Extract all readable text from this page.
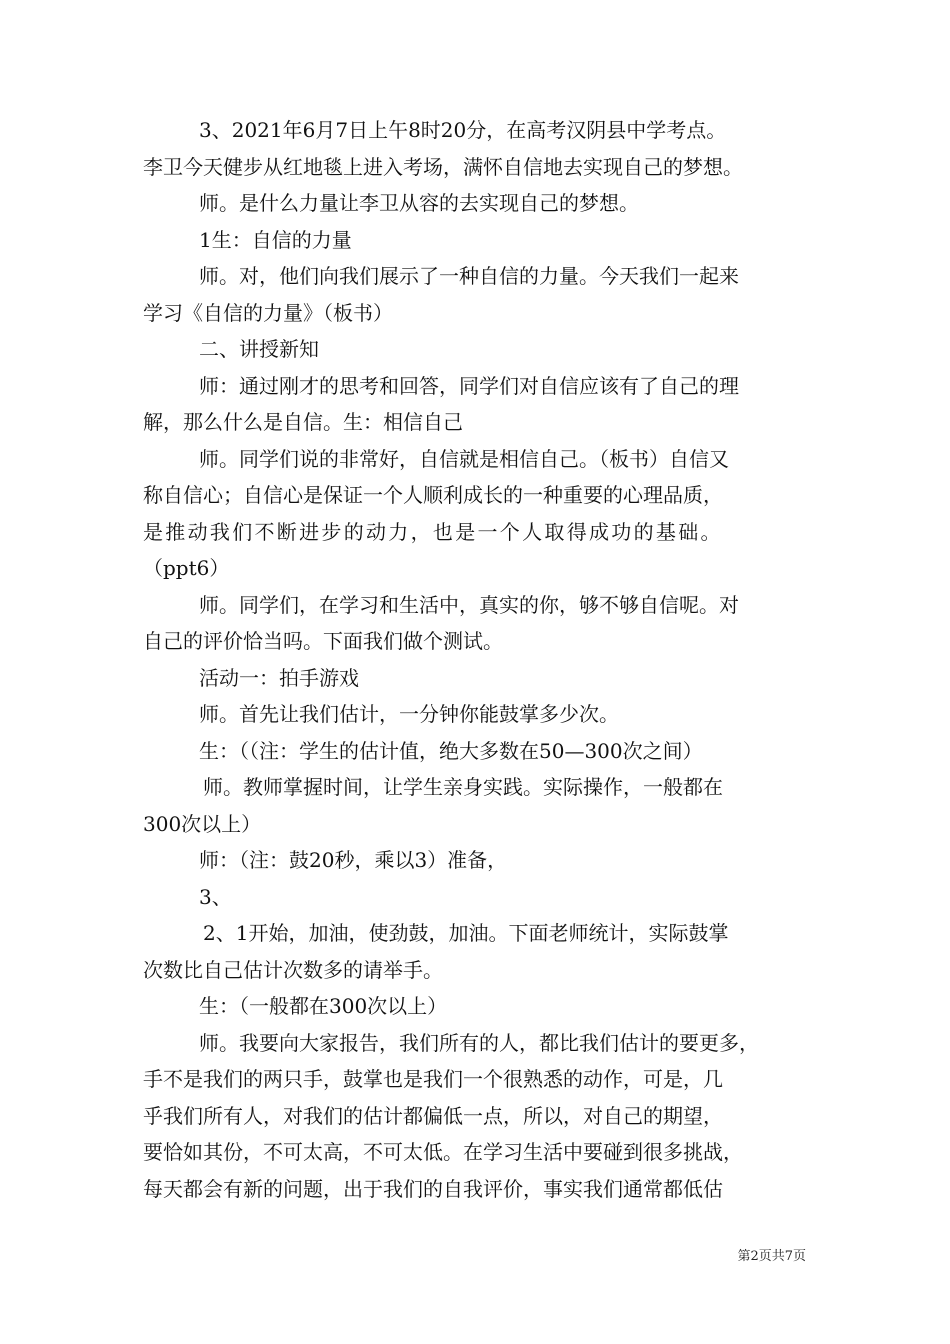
3、2021年6月7日上午8时20分，在高考汉阴县中学考点。
李卫今天健步从红地毯上进入考场，满怀自信地去实现自己的梦想。
师。是什么力量让李卫从容的去实现自己的梦想。
1生：自信的力量
师。对，他们向我们展示了一种自信的力量。今天我们一起来
学习《自信的力量》（板书）
二、讲授新知
师：通过刚才的思考和回答，同学们对自信应该有了自己的理
解，那么什么是自信。生：相信自己
师。同学们说的非常好，自信就是相信自己。（板书）自信又
称自信心；自信心是保证一个人顺利成长的一种重要的心理品质，
是推动我们不断进步的动力，也是一个人取得成功的基础。
（ppt6）
师。同学们，在学习和生活中，真实的你，够不够自信呢。对
自己的评价恰当吗。下面我们做个测试。
活动一：拍手游戏
师。首先让我们估计，一分钟你能鼓掌多少次。
生：（（注：学生的估计值，绝大多数在50—300次之间）
师。教师掌握时间，让学生亲身实践。实际操作，一般都在
300次以上）
师：（注：鼓20秒，乘以3）准备，
3、
2、1开始，加油，使劲鼓，加油。下面老师统计，实际鼓掌
次数比自己估计次数多的请举手。
生：（一般都在300次以上）
师。我要向大家报告，我们所有的人，都比我们估计的要更多，
手不是我们的两只手，鼓掌也是我们一个很熟悉的动作，可是，几
乎我们所有人，对我们的估计都偏低一点，所以，对自己的期望，
要恰如其份，不可太高，不可太低。在学习生活中要碰到很多挑战，
每天都会有新的问题，出于我们的自我评价，事实我们通常都低估
第2页共7页
